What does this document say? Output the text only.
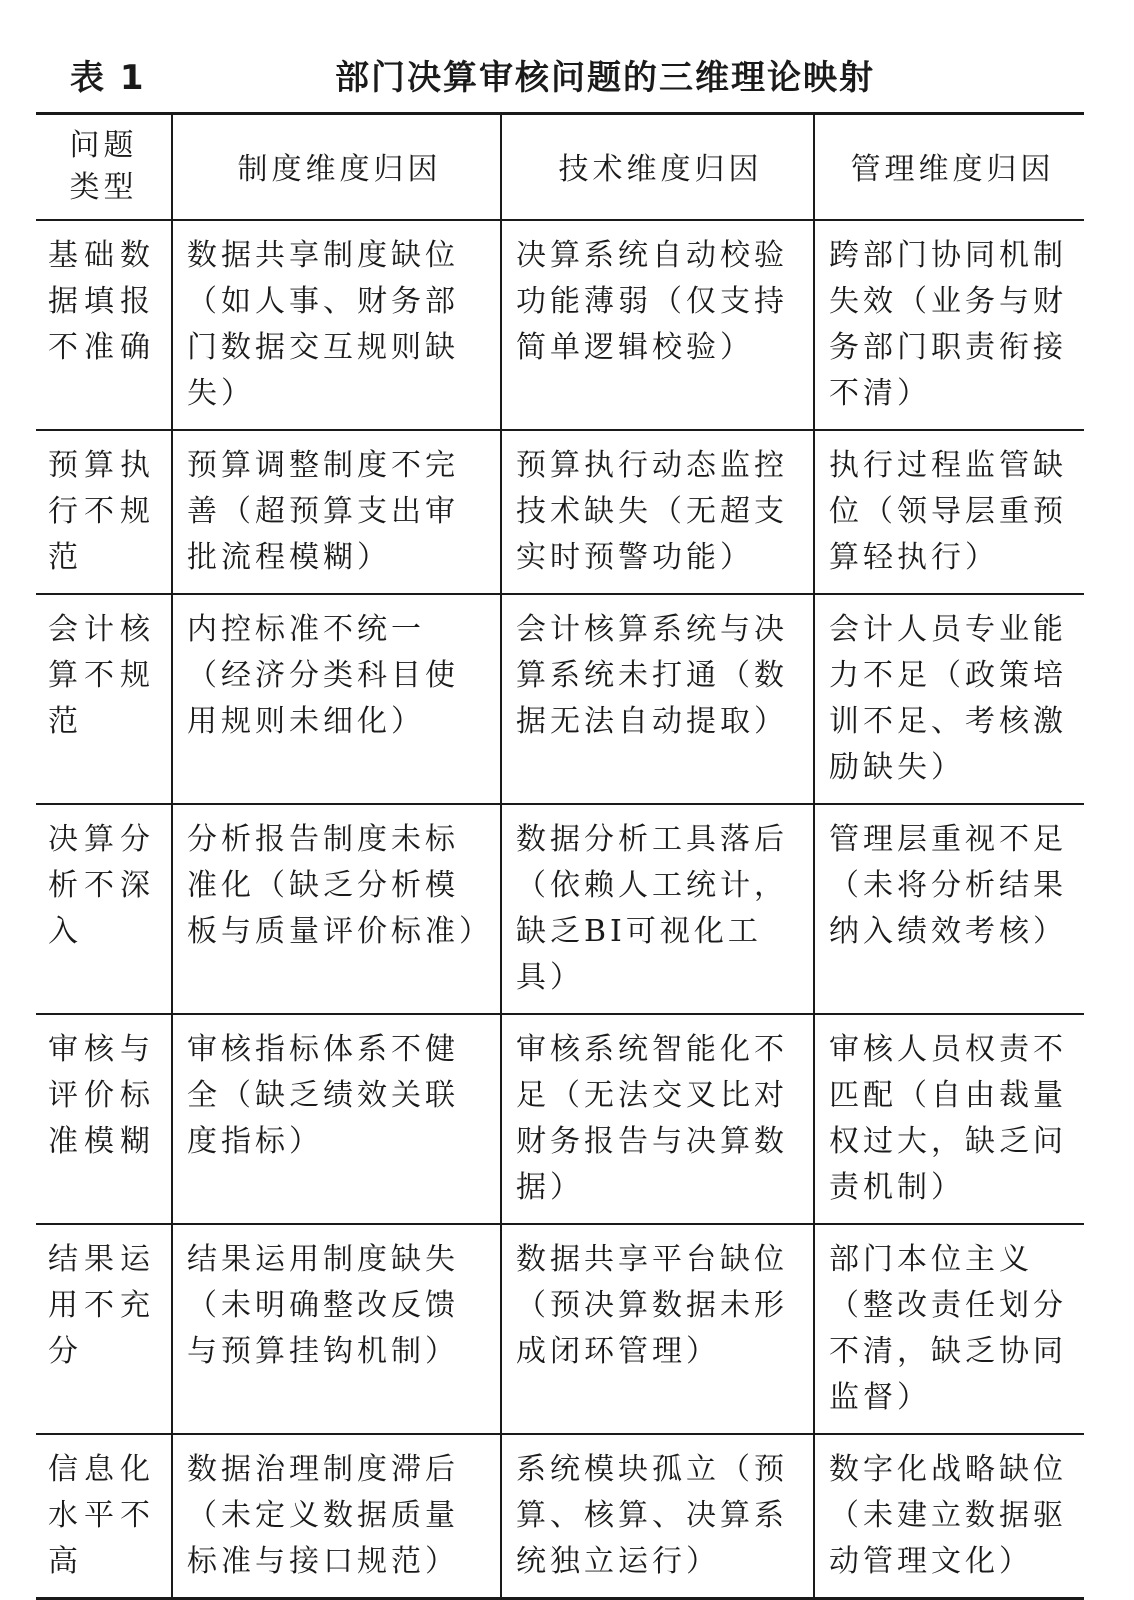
表 1	部门决算审核问题的三维理论映射
问题类型	制度维度归因	技术维度归因	管理维度归因
基础数据填报不准确	数据共享制度缺位（如人事、财务部门数据交互规则缺失）	决算系统自动校验功能薄弱（仅支持简单逻辑校验）	跨部门协同机制失效（业务与财务部门职责衔接不清）
预算执行不规范	预算调整制度不完善（超预算支出审批流程模糊）	预算执行动态监控技术缺失（无超支实时预警功能）	执行过程监管缺位（领导层重预算轻执行）
会计核算不规范	内控标准不统一（经济分类科目使用规则未细化）	会计核算系统与决算系统未打通（数据无法自动提取）	会计人员专业能力不足（政策培训不足、考核激励缺失）
决算分析不深入	分析报告制度未标准化（缺乏分析模板与质量评价标准）	数据分析工具落后（依赖人工统计，缺乏BI可视化工具）	管理层重视不足（未将分析结果纳入绩效考核）
审核与评价标准模糊	审核指标体系不健全（缺乏绩效关联度指标）	审核系统智能化不足（无法交叉比对财务报告与决算数据）	审核人员权责不匹配（自由裁量权过大，缺乏问责机制）
结果运用不充分	结果运用制度缺失（未明确整改反馈与预算挂钩机制）	数据共享平台缺位（预决算数据未形成闭环管理）	部门本位主义（整改责任划分不清，缺乏协同监督）
信息化水平不高	数据治理制度滞后（未定义数据质量标准与接口规范）	系统模块孤立（预算、核算、决算系统独立运行）	数字化战略缺位（未建立数据驱动管理文化）
